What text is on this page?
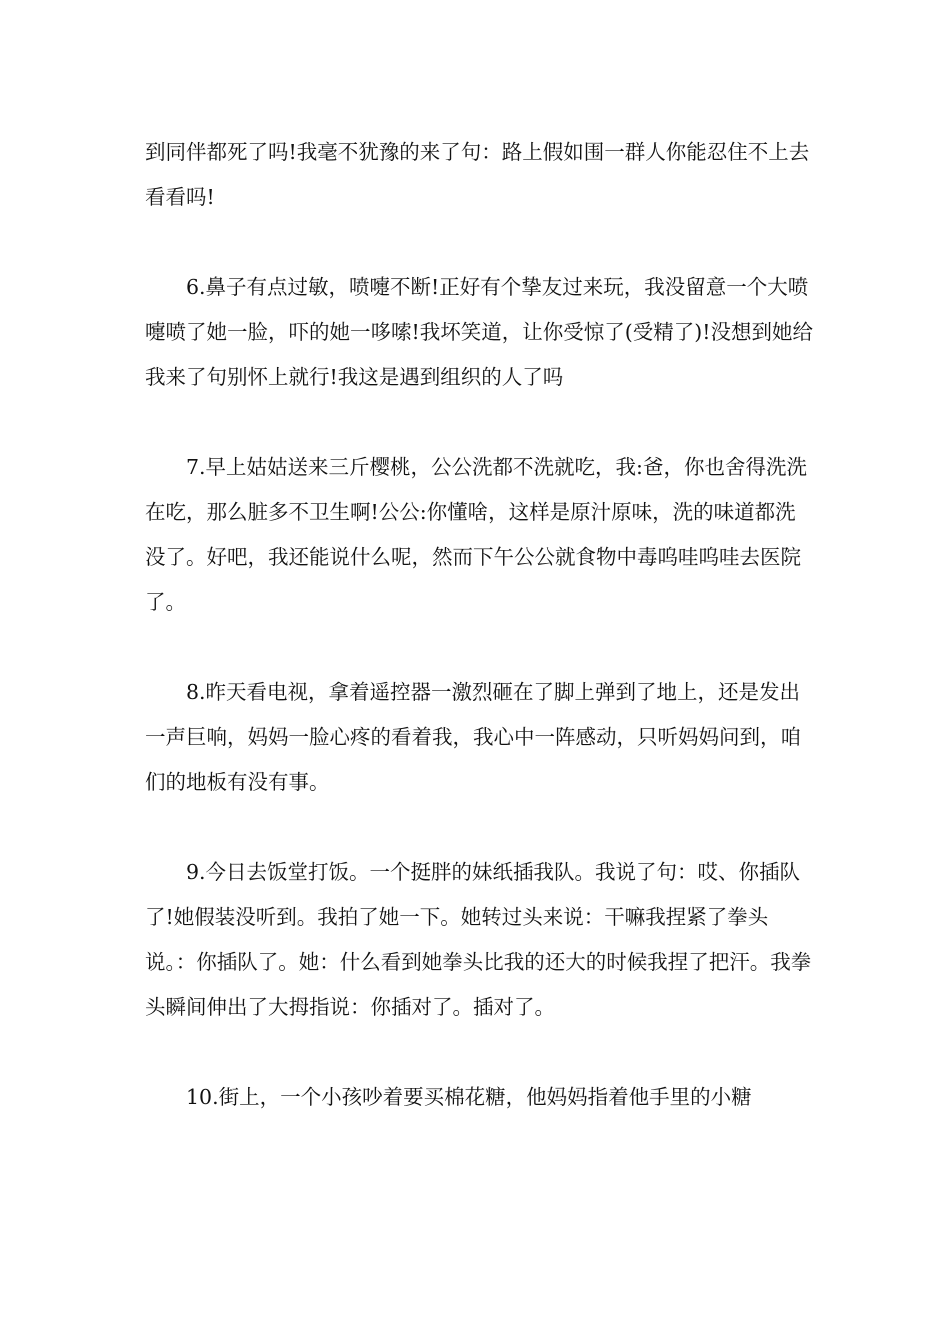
到同伴都死了吗!我毫不犹豫的来了句：路上假如围一群人你能忍住不上去看看吗!

6.鼻子有点过敏，喷嚏不断!正好有个挚友过来玩，我没留意一个大喷嚏喷了她一脸，吓的她一哆嗦!我坏笑道，让你受惊了(受精了)!没想到她给我来了句别怀上就行!我这是遇到组织的人了吗

7.早上姑姑送来三斤樱桃，公公洗都不洗就吃，我:爸，你也舍得洗洗在吃，那么脏多不卫生啊!公公:你懂啥，这样是原汁原味，洗的味道都洗没了。好吧，我还能说什么呢，然而下午公公就食物中毒呜哇呜哇去医院了。

8.昨天看电视，拿着遥控器一激烈砸在了脚上弹到了地上，还是发出一声巨响，妈妈一脸心疼的看着我，我心中一阵感动，只听妈妈问到，咱们的地板有没有事。

9.今日去饭堂打饭。一个挺胖的妹纸插我队。我说了句：哎、你插队了!她假装没听到。我拍了她一下。她转过头来说：干嘛我捏紧了拳头说。：你插队了。她：什么看到她拳头比我的还大的时候我捏了把汗。我拳头瞬间伸出了大拇指说：你插对了。插对了。

10.街上，一个小孩吵着要买棉花糖，他妈妈指着他手里的小糖
